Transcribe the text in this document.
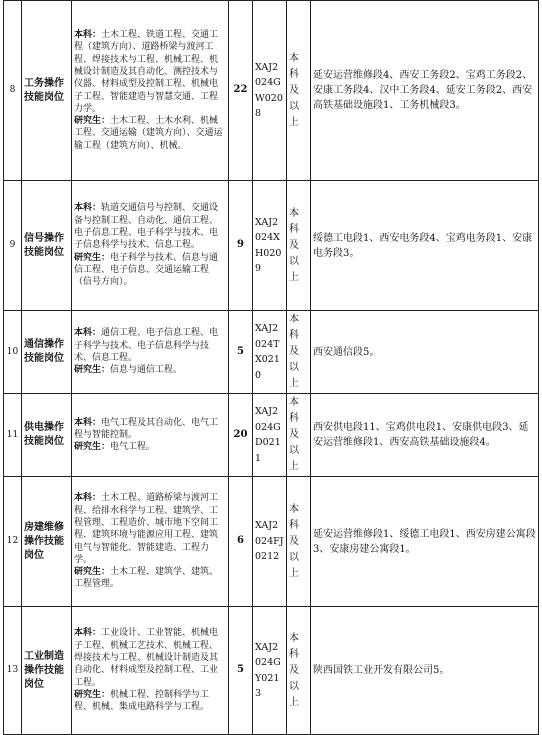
8	工务操作技能岗位	本科：土木工程、铁道工程、交通工程（建筑方向）、道路桥梁与渡河工程、焊接技术与工程、机械工程、机械设计制造及其自动化、测控技术与仪器、材料成型及控制工程、机械电子工程、智能建造与智慧交通、工程力学。
研究生：土木工程、土木水利、机械工程、交通运输（建筑方向）、交通运输工程（建筑方向）、机械。	22	XAJ2024GW0208	本科及以上	延安运营维修段4、西安工务段2、宝鸡工务段2、安康工务段4、汉中工务段4、延安工务段2、西安高铁基础设施段1、工务机械段3。
9	信号操作技能岗位	本科：轨道交通信号与控制、交通设备与控制工程、自动化、通信工程、电子信息工程、电子科学与技术、电子信息科学与技术、信息工程。
研究生：电子科学与技术、信息与通信工程、电子信息、交通运输工程（信号方向）。	9	XAJ2024XH0209	本科及以上	绥德工电段1、西安电务段4、宝鸡电务段1、安康电务段3。
10	通信操作技能岗位	本科：通信工程、电子信息工程、电子科学与技术、电子信息科学与技术、信息工程。
研究生：信息与通信工程。	5	XAJ2024TX0210	本科及以上	西安通信段5。
11	供电操作技能岗位	本科：电气工程及其自动化、电气工程与智能控制。
研究生：电气工程。	20	XAJ2024GD0211	本科及以上	西安供电段11、宝鸡供电段1、安康供电段3、延安运营维修段1、西安高铁基础设施段4。
12	房建维修操作技能岗位	本科：土木工程、道路桥梁与渡河工程、给排水科学与工程、建筑学、工程管理、工程造价、城市地下空间工程、建筑环境与能源应用工程、建筑电气与智能化、智能建造、工程力学。
研究生：土木工程、建筑学、建筑、工程管理。	6	XAJ2024FJ0212	本科及以上	延安运营维修段1、绥德工电段1、西安房建公寓段3、安康房建公寓段1。
13	工业制造操作技能岗位	本科：工业设计、工业智能、机械电子工程、机械工艺技术、机械工程、焊接技术与工程、机械设计制造及其自动化、材料成型及控制工程、工业工程。
研究生：机械工程、控制科学与工程、机械、集成电路科学与工程。	5	XAJ2024GY0213	本科及以上	陕西国铁工业开发有限公司5。
